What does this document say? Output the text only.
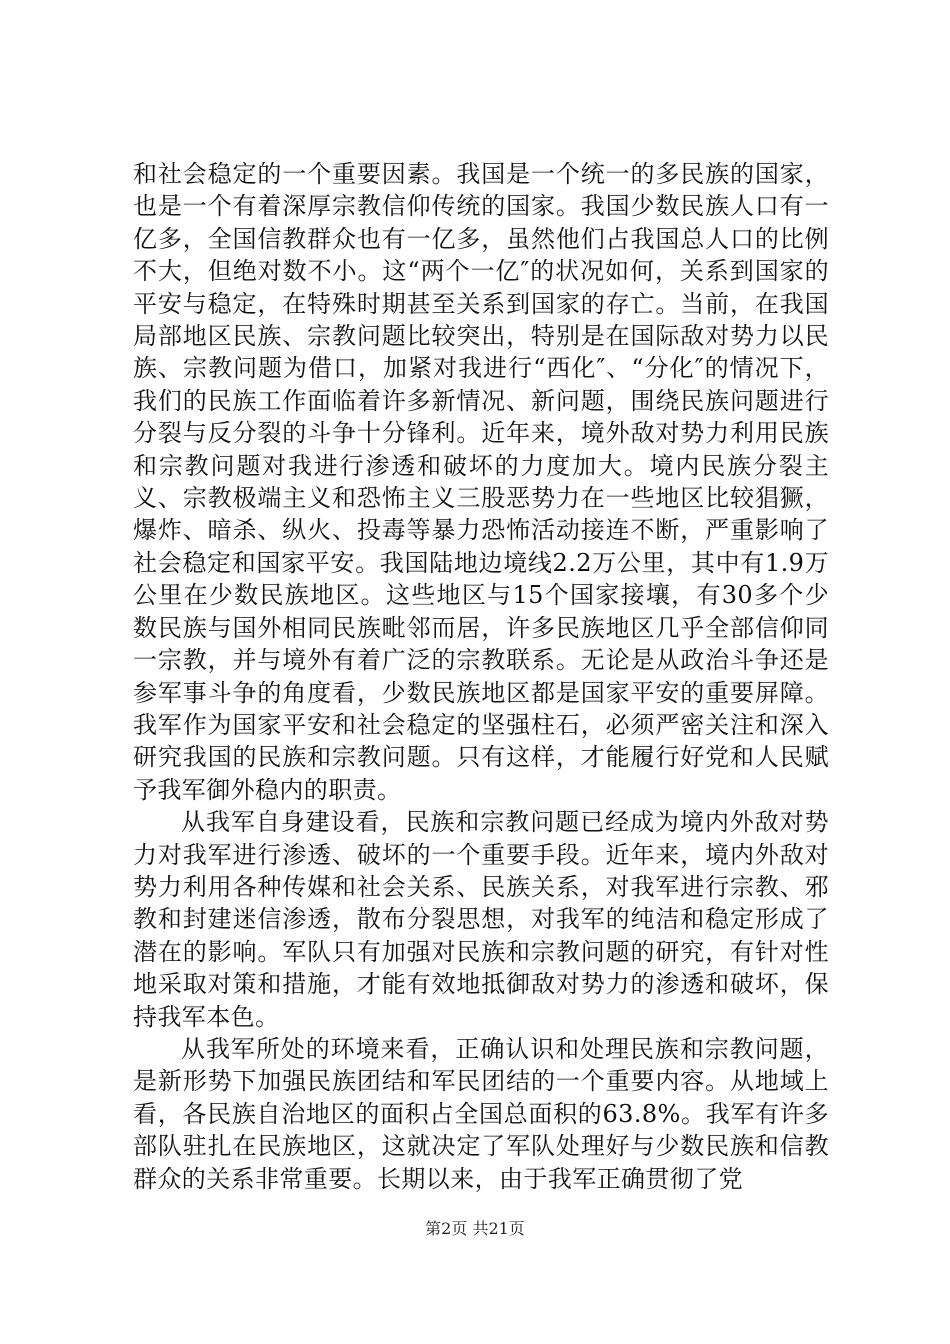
和社会稳定的一个重要因素。我国是一个统一的多民族的国家，也是一个有着深厚宗教信仰传统的国家。我国少数民族人口有一亿多，全国信教群众也有一亿多，虽然他们占我国总人口的比例不大，但绝对数不小。这“两个一亿″的状况如何，关系到国家的平安与稳定，在特殊时期甚至关系到国家的存亡。当前，在我国局部地区民族、宗教问题比较突出，特别是在国际敌对势力以民族、宗教问题为借口，加紧对我进行“西化″、“分化″的情况下，我们的民族工作面临着许多新情况、新问题，围绕民族问题进行分裂与反分裂的斗争十分锋利。近年来，境外敌对势力利用民族和宗教问题对我进行渗透和破坏的力度加大。境内民族分裂主义、宗教极端主义和恐怖主义三股恶势力在一些地区比较猖獗，爆炸、暗杀、纵火、投毒等暴力恐怖活动接连不断，严重影响了社会稳定和国家平安。我国陆地边境线2.2万公里，其中有1.9万公里在少数民族地区。这些地区与15个国家接壤，有30多个少数民族与国外相同民族毗邻而居，许多民族地区几乎全部信仰同一宗教，并与境外有着广泛的宗教联系。无论是从政治斗争还是参军事斗争的角度看，少数民族地区都是国家平安的重要屏障。我军作为国家平安和社会稳定的坚强柱石，必须严密关注和深入研究我国的民族和宗教问题。只有这样，才能履行好党和人民赋予我军御外稳内的职责。

从我军自身建设看，民族和宗教问题已经成为境内外敌对势力对我军进行渗透、破坏的一个重要手段。近年来，境内外敌对势力利用各种传媒和社会关系、民族关系，对我军进行宗教、邪教和封建迷信渗透，散布分裂思想，对我军的纯洁和稳定形成了潜在的影响。军队只有加强对民族和宗教问题的研究，有针对性地采取对策和措施，才能有效地抵御敌对势力的渗透和破坏，保持我军本色。

从我军所处的环境来看，正确认识和处理民族和宗教问题，是新形势下加强民族团结和军民团结的一个重要内容。从地域上看，各民族自治地区的面积占全国总面积的63.8%。我军有许多部队驻扎在民族地区，这就决定了军队处理好与少数民族和信教群众的关系非常重要。长期以来，由于我军正确贯彻了党

第2页 共21页
